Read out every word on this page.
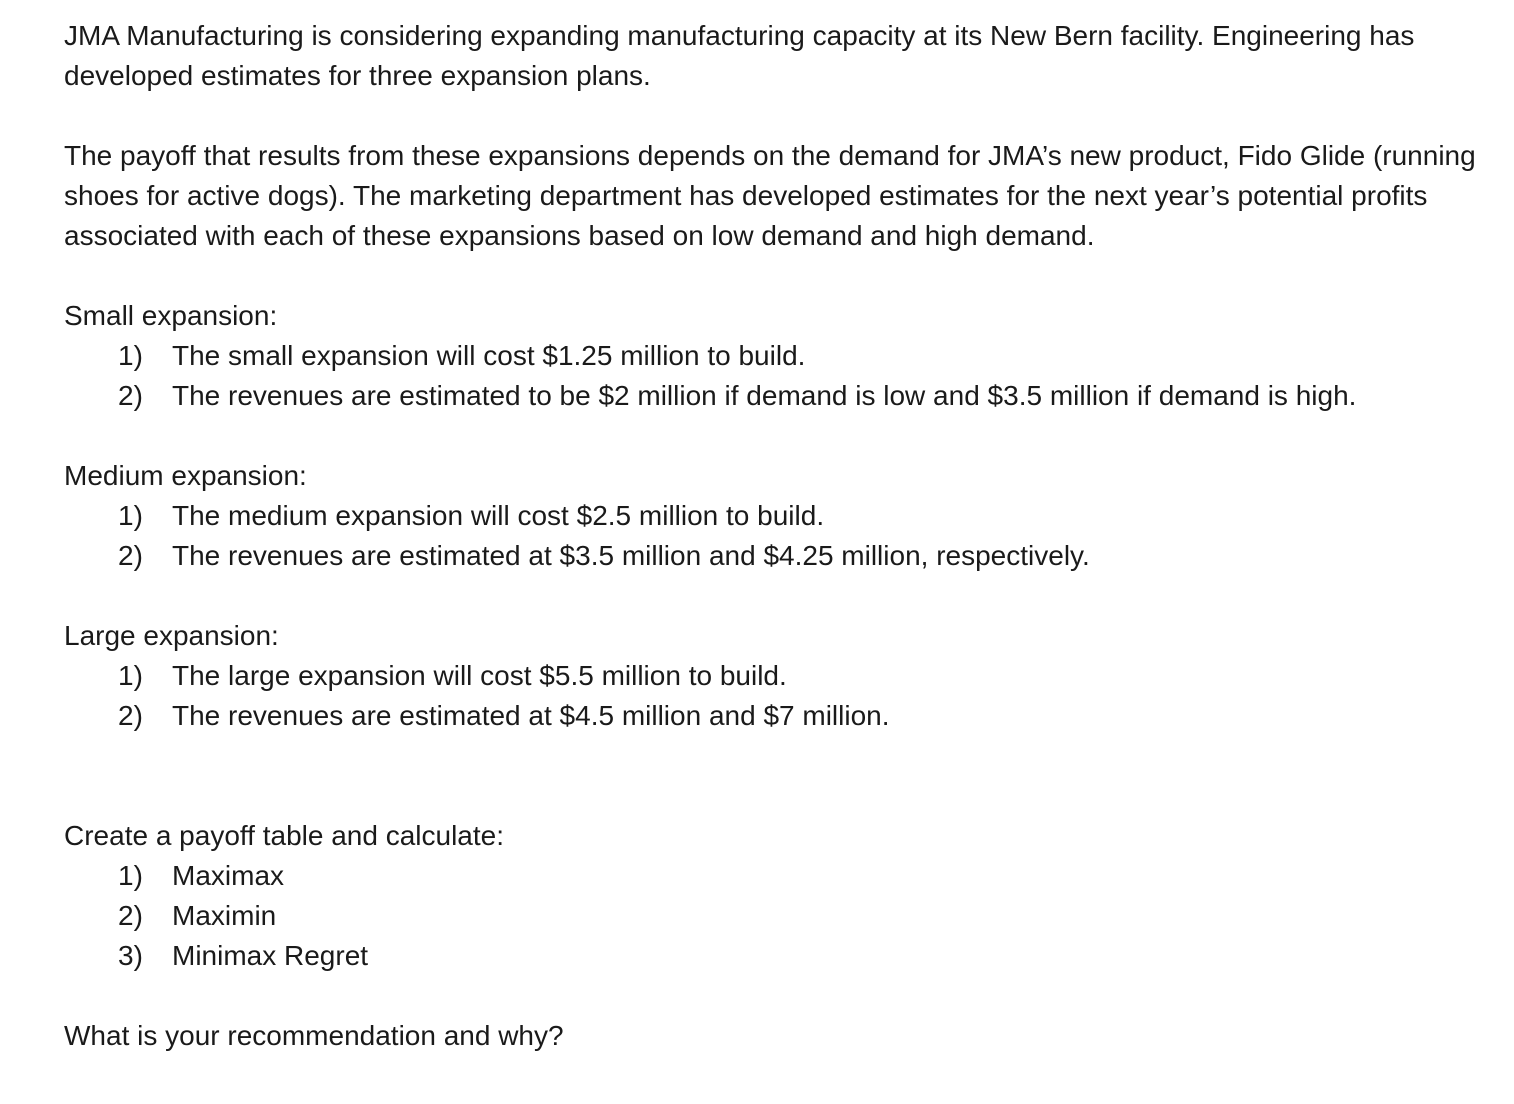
JMA Manufacturing is considering expanding manufacturing capacity at its New Bern facility. Engineering has developed estimates for three expansion plans.

The payoff that results from these expansions depends on the demand for JMA’s new product, Fido Glide (running shoes for active dogs). The marketing department has developed estimates for the next year’s potential profits associated with each of these expansions based on low demand and high demand.

Small expansion:

1) The small expansion will cost $1.25 million to build.
2) The revenues are estimated to be $2 million if demand is low and $3.5 million if demand is high.

Medium expansion:

1) The medium expansion will cost $2.5 million to build.
2) The revenues are estimated at $3.5 million and $4.25 million, respectively.

Large expansion:

1) The large expansion will cost $5.5 million to build.
2) The revenues are estimated at $4.5 million and $7 million.

Create a payoff table and calculate:

1) Maximax
2) Maximin
3) Minimax Regret

What is your recommendation and why?
